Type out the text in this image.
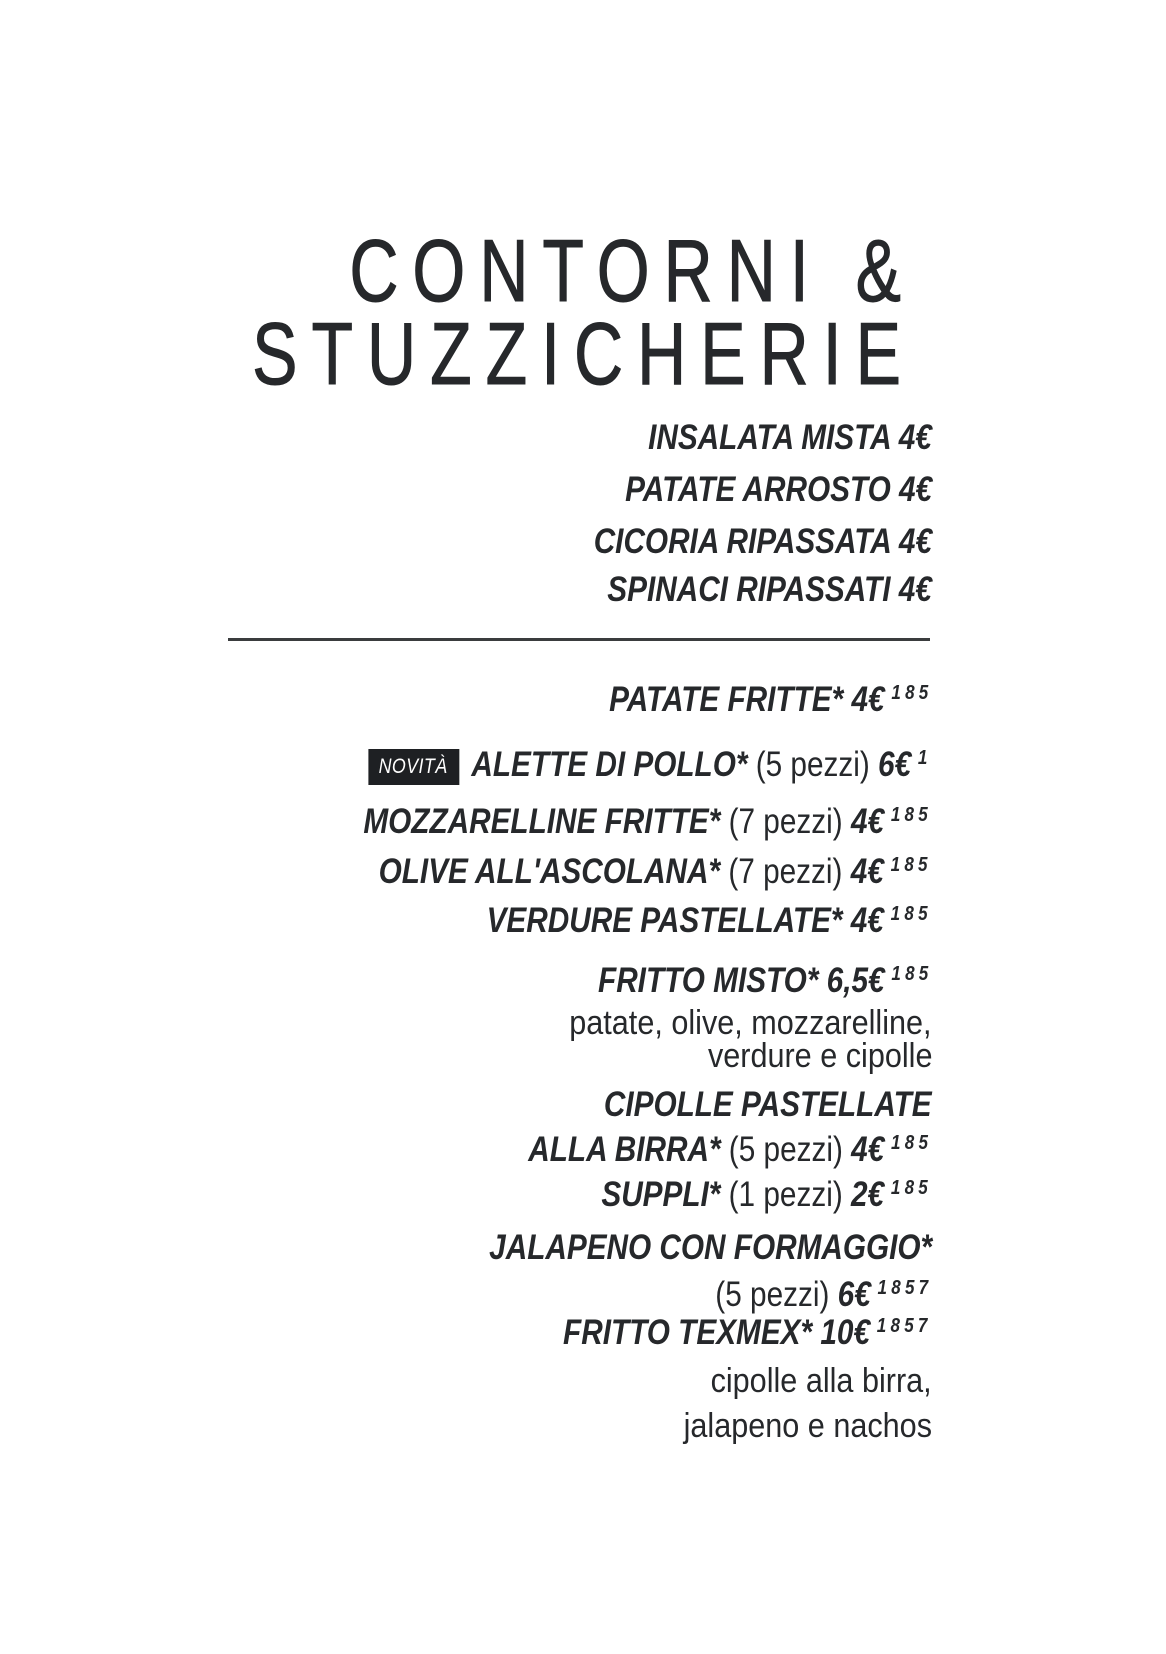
CONTORNI &
STUZZICHERIE
INSALATA MISTA 4€
PATATE ARROSTO 4€
CICORIA RIPASSATA 4€
SPINACI RIPASSATI 4€
PATATE FRITTE* 4€ $^{185}$
NOVITÀ ALETTE DI POLLO* (5 pezzi) 6€ $^1$
MOZZARELLINE FRITTE* (7 pezzi) 4€ $^{185}$
OLIVE ALL'ASCOLANA* (7 pezzi) 4€ $^{185}$
VERDURE PASTELLATE* 4€ $^{185}$
FRITTO MISTO* 6,5€ $^{185}$
patate, olive, mozzarelline,
verdure e cipolle
CIPOLLE PASTELLATE
ALLA BIRRA* (5 pezzi) 4€ $^{185}$
SUPPLI* (1 pezzi) 2€ $^{185}$
JALAPENO CON FORMAGGIO*
(5 pezzi) 6€ $^{1857}$
FRITTO TEXMEX* 10€ $^{1857}$
cipolle alla birra,
jalapeno e nachos
